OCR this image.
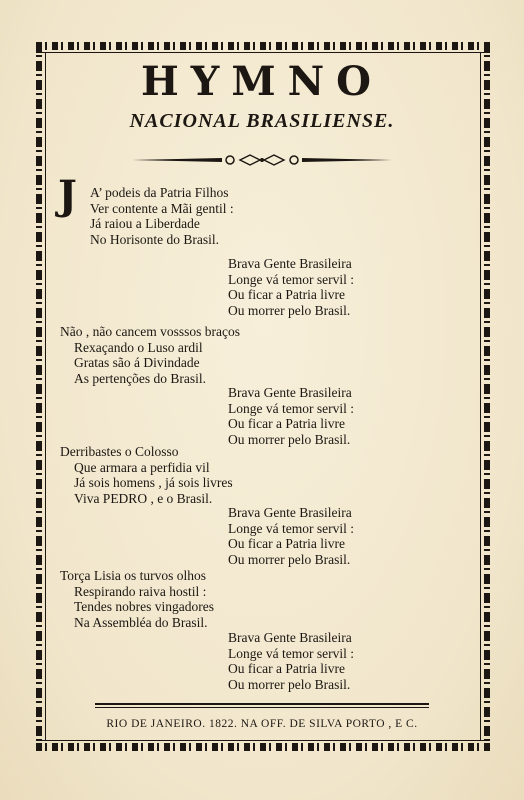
HYMNO
NACIONAL BRASILIENSE.
J A’ podeis da Patria Filhos
Ver contente a Mãi gentil :
Já raiou a Liberdade
No Horisonte do Brasil.
Brava Gente Brasileira
Longe vá temor servil :
Ou ficar a Patria livre
Ou morrer pelo Brasil.
Não , não cancem vosssos braços
Rexaçando o Luso ardil
Gratas são á Divindade
As pertenções do Brasil.
Brava Gente Brasileira
Longe vá temor servil :
Ou ficar a Patria livre
Ou morrer pelo Brasil.
Derribastes o Colosso
Que armara a perfidia vil
Já sois homens , já sois livres
Viva PEDRO , e o Brasil.
Brava Gente Brasileira
Longe vá temor servil :
Ou ficar a Patria livre
Ou morrer pelo Brasil.
Torça Lisia os turvos olhos
Respirando raiva hostil :
Tendes nobres vingadores
Na Assembléa do Brasil.
Brava Gente Brasileira
Longe vá temor servil :
Ou ficar a Patria livre
Ou morrer pelo Brasil.
RIO DE JANEIRO. 1822. NA OFF. DE SILVA PORTO , E C.
